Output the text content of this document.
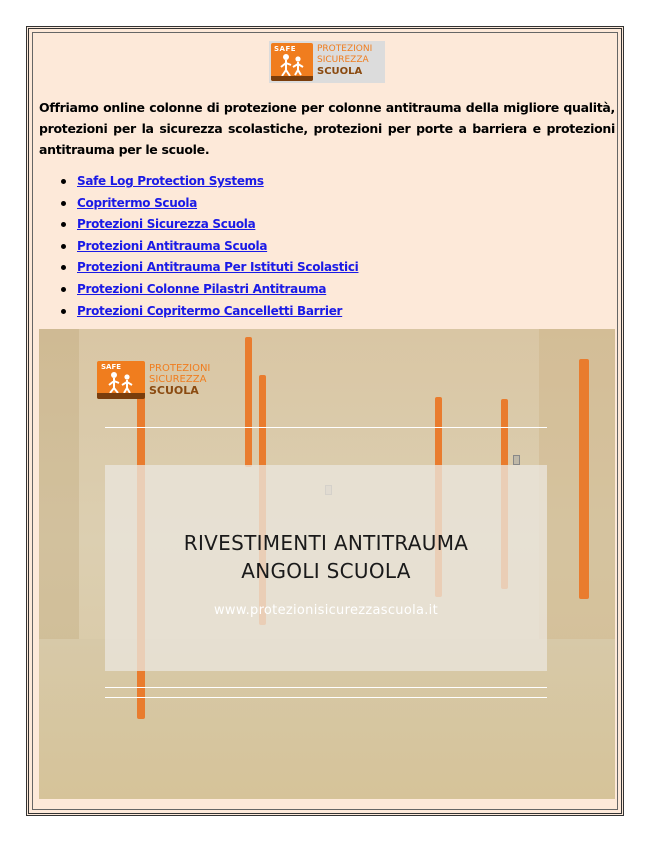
SAFE PROTEZIONI
SICUREZZA
SCUOLA

Offriamo online colonne di protezione per colonne antitrauma della migliore qualità, protezioni per la sicurezza scolastiche, protezioni per porte a barriera e protezioni antitrauma per le scuole.

Safe Log Protection Systems
Copritermo Scuola
Protezioni Sicurezza Scuola
Protezioni Antitrauma Scuola
Protezioni Antitrauma Per Istituti Scolastici
Protezioni Colonne Pilastri Antitrauma
Protezioni Copritermo Cancelletti Barrier
SAFE	PROTEZIONI
SICUREZZA
SCUOLA
RIVESTIMENTI ANTITRAUMA
ANGOLI SCUOLA
www.protezionisicurezzascuola.it
